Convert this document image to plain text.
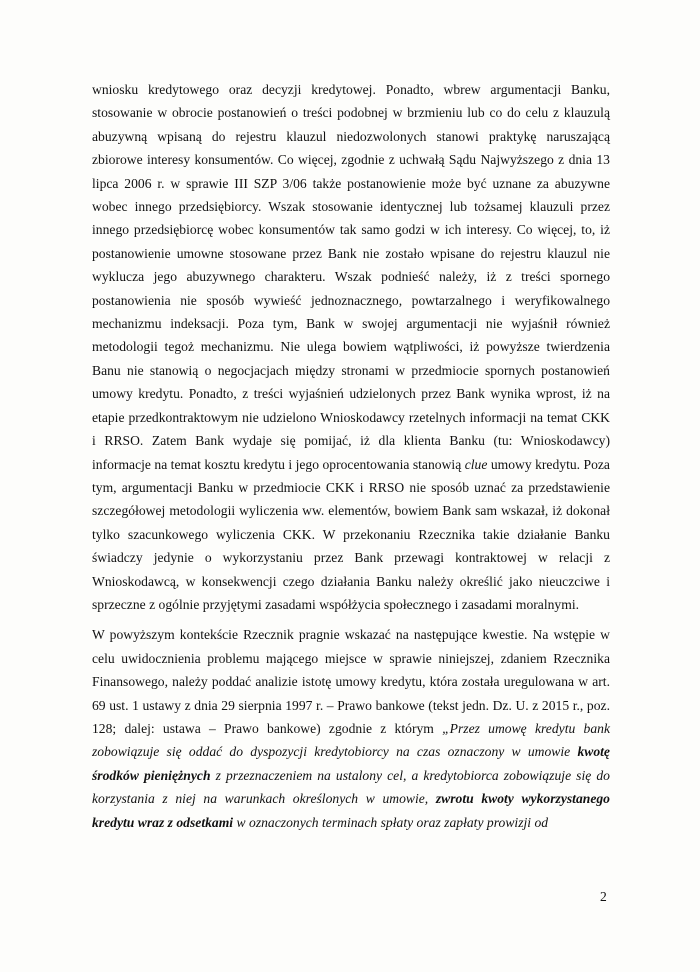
wniosku kredytowego oraz decyzji kredytowej. Ponadto, wbrew argumentacji Banku, stosowanie w obrocie postanowień o treści podobnej w brzmieniu lub co do celu z klauzulą abuzywną wpisaną do rejestru klauzul niedozwolonych stanowi praktykę naruszającą zbiorowe interesy konsumentów. Co więcej, zgodnie z uchwałą Sądu Najwyższego z dnia 13 lipca 2006 r. w sprawie III SZP 3/06 także postanowienie może być uznane za abuzywne wobec innego przedsiębiorcy. Wszak stosowanie identycznej lub tożsamej klauzuli przez innego przedsiębiorcę wobec konsumentów tak samo godzi w ich interesy. Co więcej, to, iż postanowienie umowne stosowane przez Bank nie zostało wpisane do rejestru klauzul nie wyklucza jego abuzywnego charakteru. Wszak podnieść należy, iż z treści spornego postanowienia nie sposób wywieść jednoznacznego, powtarzalnego i weryfikowalnego mechanizmu indeksacji. Poza tym, Bank w swojej argumentacji nie wyjaśnił również metodologii tegoż mechanizmu. Nie ulega bowiem wątpliwości, iż powyższe twierdzenia Banu nie stanowią o negocjacjach między stronami w przedmiocie spornych postanowień umowy kredytu. Ponadto, z treści wyjaśnień udzielonych przez Bank wynika wprost, iż na etapie przedkontraktowym nie udzielono Wnioskodawcy rzetelnych informacji na temat CKK i RRSO. Zatem Bank wydaje się pomijać, iż dla klienta Banku (tu: Wnioskodawcy) informacje na temat kosztu kredytu i jego oprocentowania stanowią clue umowy kredytu. Poza tym, argumentacji Banku w przedmiocie CKK i RRSO nie sposób uznać za przedstawienie szczegółowej metodologii wyliczenia ww. elementów, bowiem Bank sam wskazał, iż dokonał tylko szacunkowego wyliczenia CKK. W przekonaniu Rzecznika takie działanie Banku świadczy jedynie o wykorzystaniu przez Bank przewagi kontraktowej w relacji z Wnioskodawcą, w konsekwencji czego działania Banku należy określić jako nieuczciwe i sprzeczne z ogólnie przyjętymi zasadami współżycia społecznego i zasadami moralnymi.

W powyższym kontekście Rzecznik pragnie wskazać na następujące kwestie. Na wstępie w celu uwidocznienia problemu mającego miejsce w sprawie niniejszej, zdaniem Rzecznika Finansowego, należy poddać analizie istotę umowy kredytu, która została uregulowana w art. 69 ust. 1 ustawy z dnia 29 sierpnia 1997 r. – Prawo bankowe (tekst jedn. Dz. U. z 2015 r., poz. 128; dalej: ustawa – Prawo bankowe) zgodnie z którym „Przez umowę kredytu bank zobowiązuje się oddać do dyspozycji kredytobiorcy na czas oznaczony w umowie kwotę środków pieniężnych z przeznaczeniem na ustalony cel, a kredytobiorca zobowiązuje się do korzystania z niej na warunkach określonych w umowie, zwrotu kwoty wykorzystanego kredytu wraz z odsetkami w oznaczonych terminach spłaty oraz zapłaty prowizji od

2
